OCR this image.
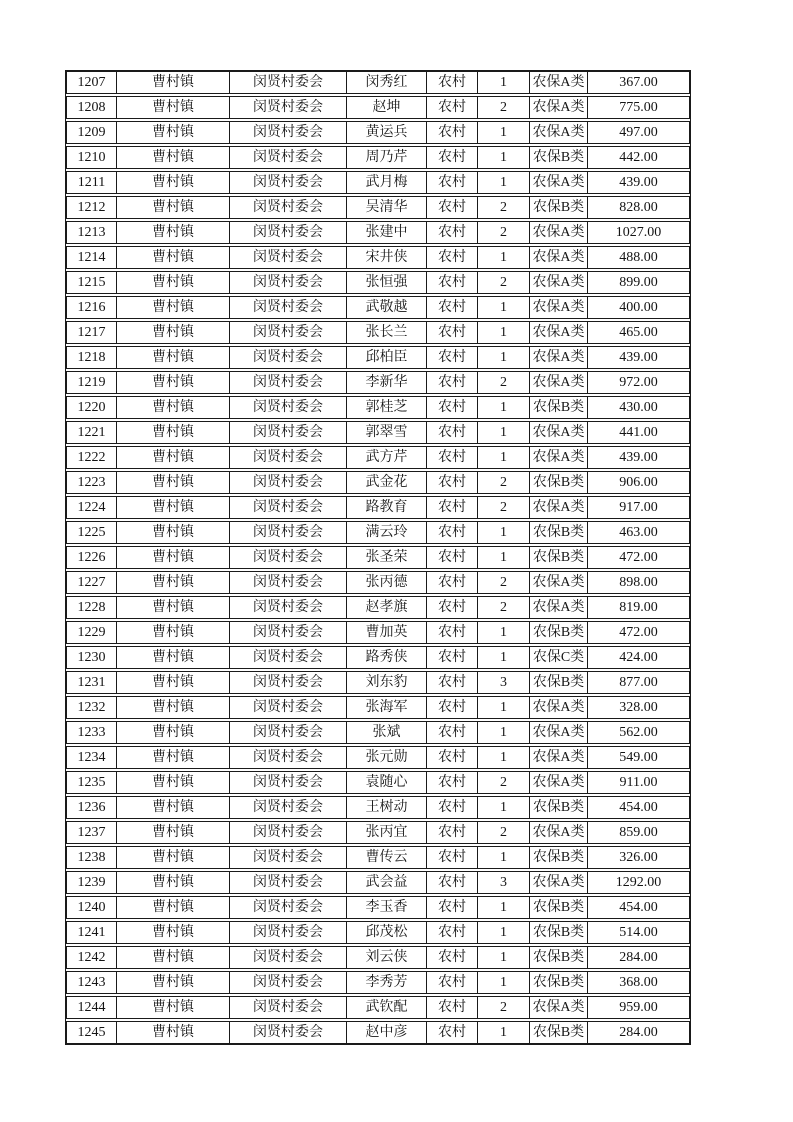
1207	曹村镇	闵贤村委会	闵秀红	农村	1	农保A类	367.00
1208	曹村镇	闵贤村委会	赵坤	农村	2	农保A类	775.00
1209	曹村镇	闵贤村委会	黄运兵	农村	1	农保A类	497.00
1210	曹村镇	闵贤村委会	周乃芹	农村	1	农保B类	442.00
1211	曹村镇	闵贤村委会	武月梅	农村	1	农保A类	439.00
1212	曹村镇	闵贤村委会	吴清华	农村	2	农保B类	828.00
1213	曹村镇	闵贤村委会	张建中	农村	2	农保A类	1027.00
1214	曹村镇	闵贤村委会	宋井侠	农村	1	农保A类	488.00
1215	曹村镇	闵贤村委会	张恒强	农村	2	农保A类	899.00
1216	曹村镇	闵贤村委会	武敬越	农村	1	农保A类	400.00
1217	曹村镇	闵贤村委会	张长兰	农村	1	农保A类	465.00
1218	曹村镇	闵贤村委会	邱柏臣	农村	1	农保A类	439.00
1219	曹村镇	闵贤村委会	李新华	农村	2	农保A类	972.00
1220	曹村镇	闵贤村委会	郭桂芝	农村	1	农保B类	430.00
1221	曹村镇	闵贤村委会	郭翠雪	农村	1	农保A类	441.00
1222	曹村镇	闵贤村委会	武方芹	农村	1	农保A类	439.00
1223	曹村镇	闵贤村委会	武金花	农村	2	农保B类	906.00
1224	曹村镇	闵贤村委会	路教育	农村	2	农保A类	917.00
1225	曹村镇	闵贤村委会	满云玲	农村	1	农保B类	463.00
1226	曹村镇	闵贤村委会	张圣荣	农村	1	农保B类	472.00
1227	曹村镇	闵贤村委会	张丙德	农村	2	农保A类	898.00
1228	曹村镇	闵贤村委会	赵孝旗	农村	2	农保A类	819.00
1229	曹村镇	闵贤村委会	曹加英	农村	1	农保B类	472.00
1230	曹村镇	闵贤村委会	路秀侠	农村	1	农保C类	424.00
1231	曹村镇	闵贤村委会	刘东豹	农村	3	农保B类	877.00
1232	曹村镇	闵贤村委会	张海军	农村	1	农保A类	328.00
1233	曹村镇	闵贤村委会	张斌	农村	1	农保A类	562.00
1234	曹村镇	闵贤村委会	张元勋	农村	1	农保A类	549.00
1235	曹村镇	闵贤村委会	袁随心	农村	2	农保A类	911.00
1236	曹村镇	闵贤村委会	王树动	农村	1	农保B类	454.00
1237	曹村镇	闵贤村委会	张丙宜	农村	2	农保A类	859.00
1238	曹村镇	闵贤村委会	曹传云	农村	1	农保B类	326.00
1239	曹村镇	闵贤村委会	武会益	农村	3	农保A类	1292.00
1240	曹村镇	闵贤村委会	李玉香	农村	1	农保B类	454.00
1241	曹村镇	闵贤村委会	邱茂松	农村	1	农保B类	514.00
1242	曹村镇	闵贤村委会	刘云侠	农村	1	农保B类	284.00
1243	曹村镇	闵贤村委会	李秀芳	农村	1	农保B类	368.00
1244	曹村镇	闵贤村委会	武钦配	农村	2	农保A类	959.00
1245	曹村镇	闵贤村委会	赵中彦	农村	1	农保B类	284.00
